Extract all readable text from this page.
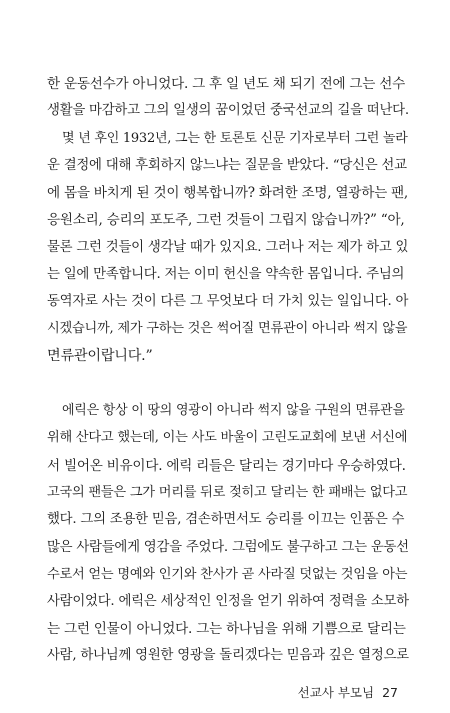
한 운동선수가 아니었다. 그 후 일 년도 채 되기 전에 그는 선수
생활을 마감하고 그의 일생의 꿈이었던 중국선교의 길을 떠난다.
몇 년 후인 1932년, 그는 한 토론토 신문 기자로부터 그런 놀라
운 결정에 대해 후회하지 않느냐는 질문을 받았다. “당신은 선교
에 몸을 바치게 된 것이 행복합니까? 화려한 조명, 열광하는 팬,
응원소리, 승리의 포도주, 그런 것들이 그립지 않습니까?” “아,
물론 그런 것들이 생각날 때가 있지요. 그러나 저는 제가 하고 있
는 일에 만족합니다. 저는 이미 헌신을 약속한 몸입니다. 주님의
동역자로 사는 것이 다른 그 무엇보다 더 가치 있는 일입니다. 아
시겠습니까, 제가 구하는 것은 썩어질 면류관이 아니라 썩지 않을
면류관이랍니다.”
에릭은 항상 이 땅의 영광이 아니라 썩지 않을 구원의 면류관을
위해 산다고 했는데, 이는 사도 바울이 고린도교회에 보낸 서신에
서 빌어온 비유이다. 에릭 리들은 달리는 경기마다 우승하였다.
고국의 팬들은 그가 머리를 뒤로 젖히고 달리는 한 패배는 없다고
했다. 그의 조용한 믿음, 겸손하면서도 승리를 이끄는 인품은 수
많은 사람들에게 영감을 주었다. 그럼에도 불구하고 그는 운동선
수로서 얻는 명예와 인기와 찬사가 곧 사라질 덧없는 것임을 아는
사람이었다. 에릭은 세상적인 인정을 얻기 위하여 정력을 소모하
는 그런 인물이 아니었다. 그는 하나님을 위해 기쁨으로 달리는
사람, 하나님께 영원한 영광을 돌리겠다는 믿음과 깊은 열정으로
선교사 부모님 27
